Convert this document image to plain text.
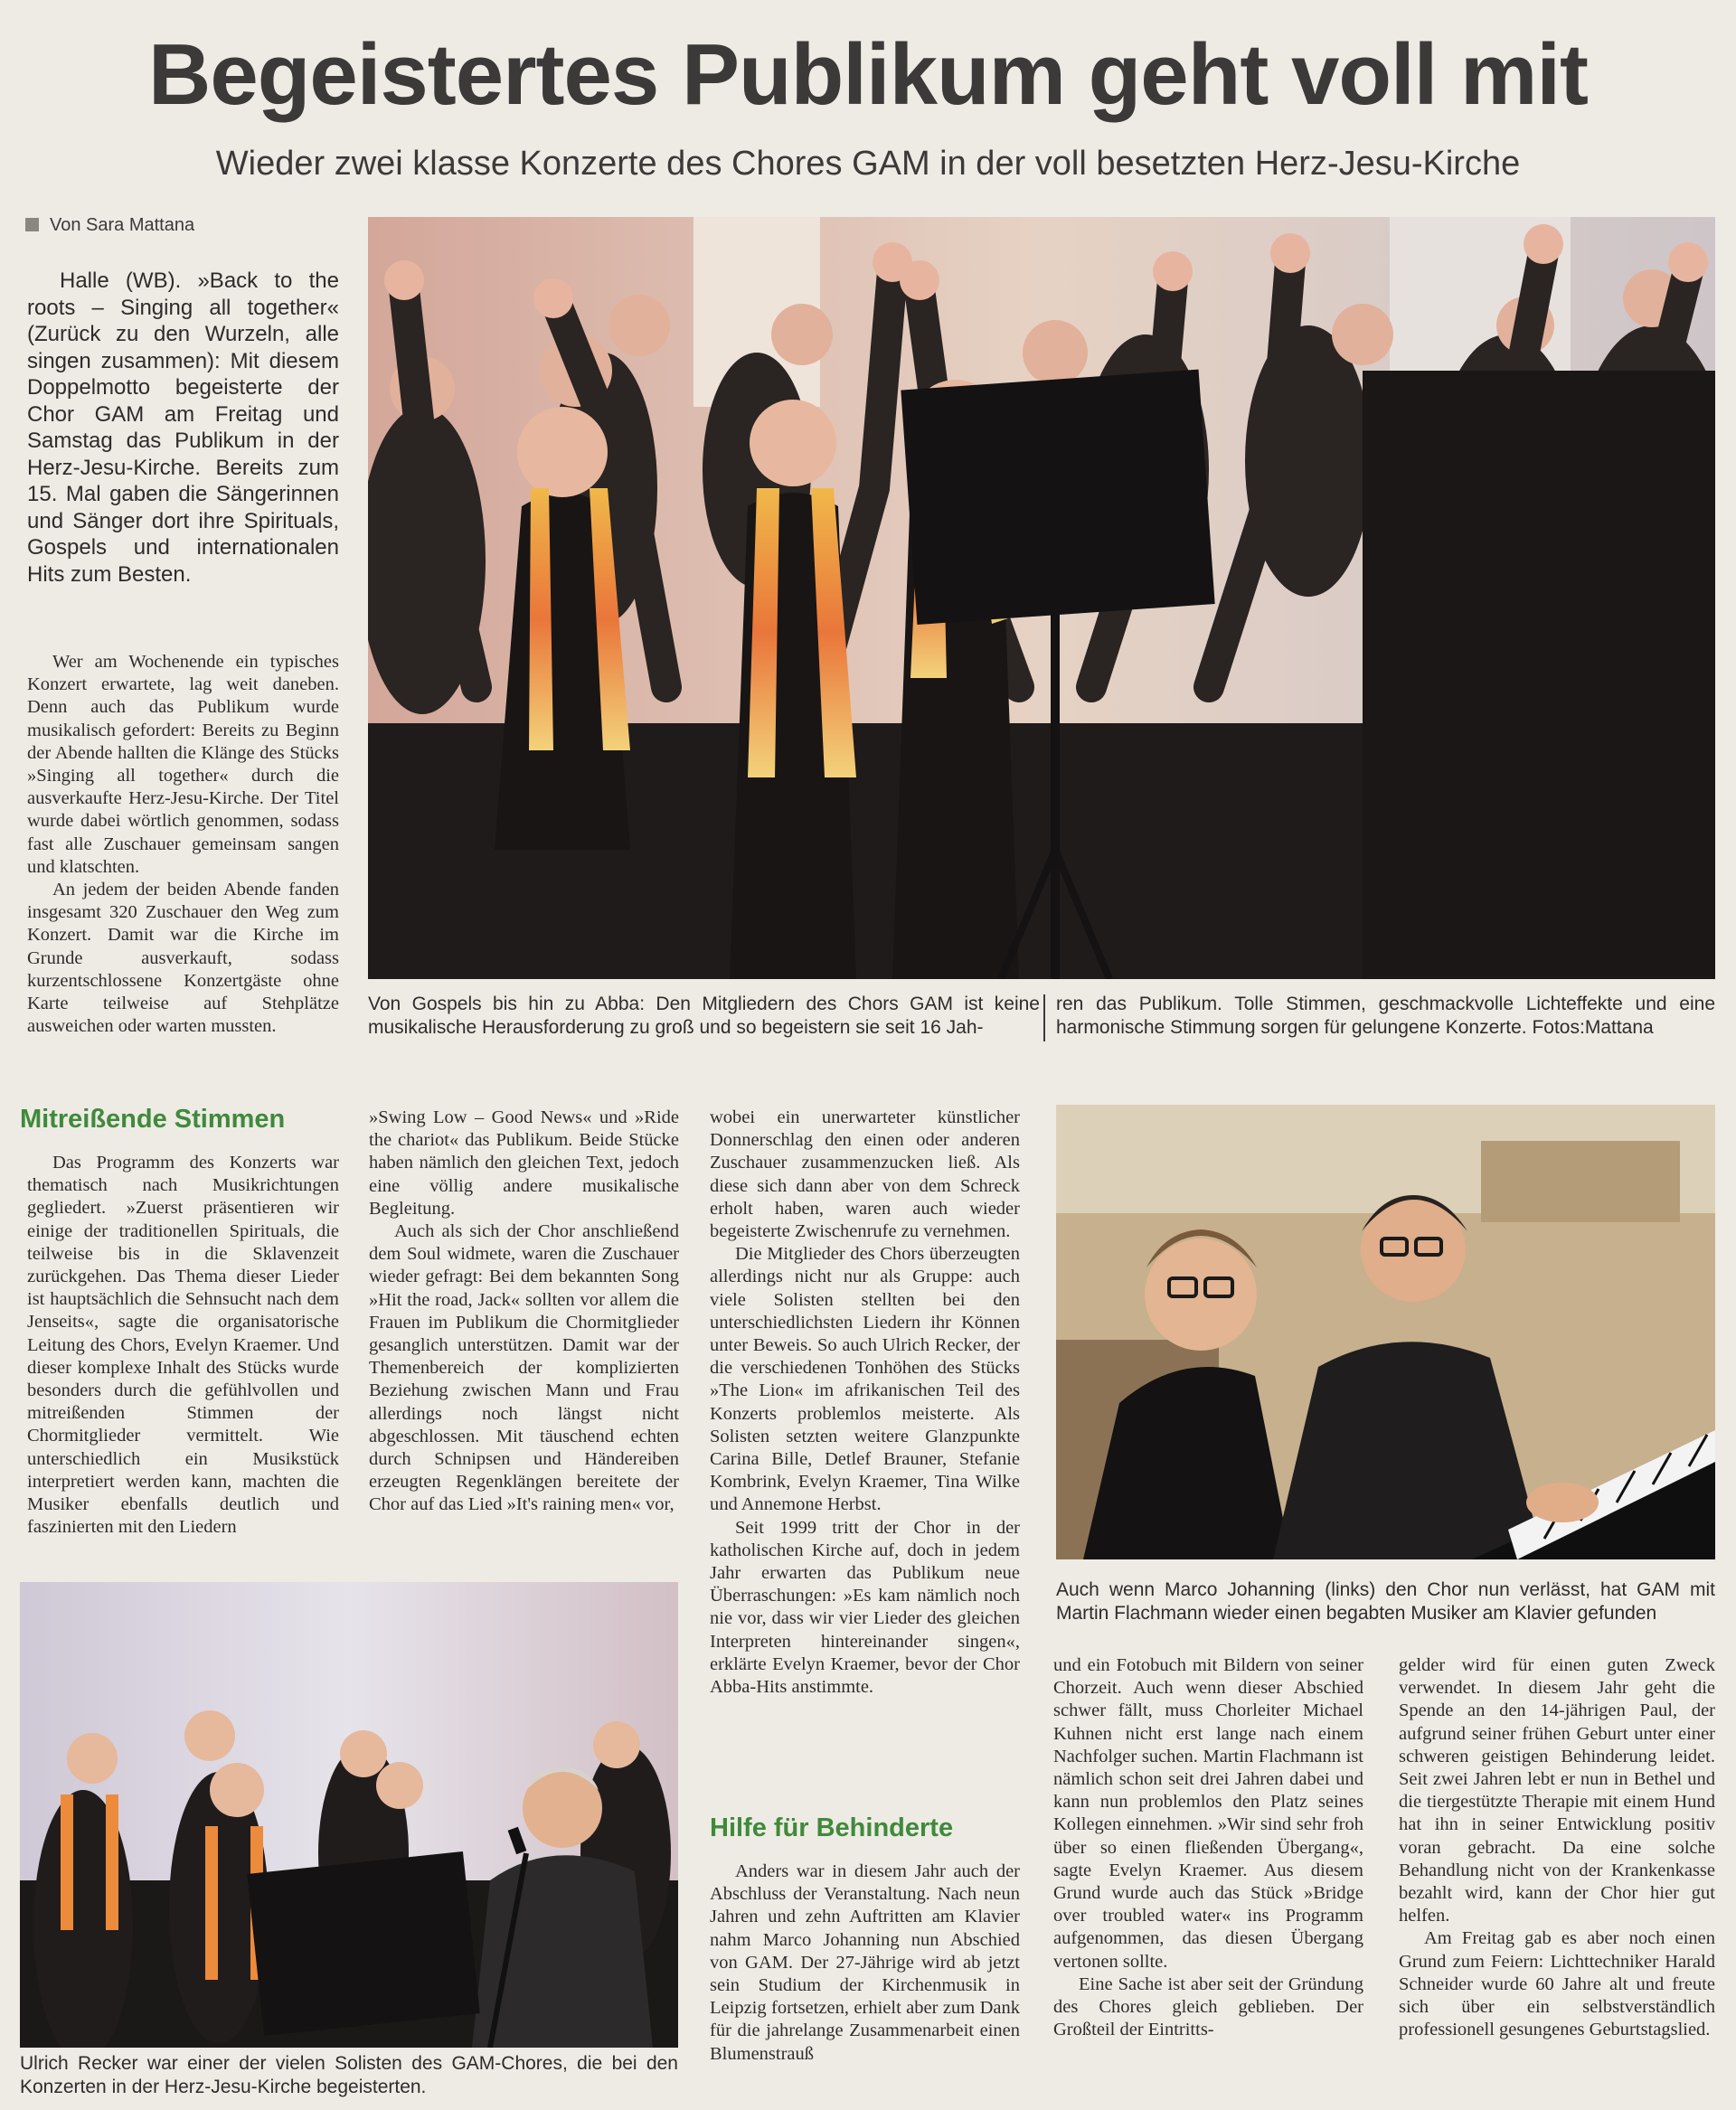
Begeistertes Publikum geht voll mit
Wieder zwei klasse Konzerte des Chores GAM in der voll besetzten Herz-Jesu-Kirche
Von Sara Mattana

Halle (WB). »Back to the roots – Singing all together« (Zurück zu den Wurzeln, alle singen zusammen): Mit diesem Doppelmotto begeisterte der Chor GAM am Freitag und Samstag das Publikum in der Herz-Jesu-Kirche. Bereits zum 15. Mal gaben die Sängerinnen und Sänger dort ihre Spirituals, Gospels und internationalen Hits zum Besten.

Wer am Wochenende ein typisches Konzert erwartete, lag weit daneben. Denn auch das Publikum wurde musikalisch gefordert: Bereits zu Beginn der Abende hallten die Klänge des Stücks »Singing all together« durch die ausverkaufte Herz-Jesu-Kirche. Der Titel wurde dabei wörtlich genommen, sodass fast alle Zuschauer gemeinsam sangen und klatschten.

An jedem der beiden Abende fanden insgesamt 320 Zuschauer den Weg zum Konzert. Damit war die Kirche im Grunde ausverkauft, sodass kurzentschlossene Konzertgäste ohne Karte teilweise auf Stehplätze ausweichen oder warten mussten.

Mitreißende Stimmen

Das Programm des Konzerts war thematisch nach Musikrichtungen gegliedert. »Zuerst präsentieren wir einige der traditionellen Spirituals, die teilweise bis in die Sklavenzeit zurückgehen. Das Thema dieser Lieder ist hauptsächlich die Sehnsucht nach dem Jenseits«, sagte die organisatorische Leitung des Chors, Evelyn Kraemer. Und dieser komplexe Inhalt des Stücks wurde besonders durch die gefühlvollen und mitreißenden Stimmen der Chormitglieder vermittelt. Wie unterschiedlich ein Musikstück interpretiert werden kann, machten die Musiker ebenfalls deutlich und faszinierten mit den Liedern

Von Gospels bis hin zu Abba: Den Mitgliedern des Chors GAM ist keine musikalische Herausforderung zu groß und so begeistern sie seit 16 Jah-
ren das Publikum. Tolle Stimmen, geschmackvolle Lichteffekte und eine harmonische Stimmung sorgen für gelungene Konzerte. Fotos:Mattana

»Swing Low – Good News« und »Ride the chariot« das Publikum. Beide Stücke haben nämlich den gleichen Text, jedoch eine völlig andere musikalische Begleitung.

Auch als sich der Chor anschließend dem Soul widmete, waren die Zuschauer wieder gefragt: Bei dem bekannten Song »Hit the road, Jack« sollten vor allem die Frauen im Publikum die Chormitglieder gesanglich unterstützen. Damit war der Themenbereich der komplizierten Beziehung zwischen Mann und Frau allerdings noch längst nicht abgeschlossen. Mit täuschend echten durch Schnipsen und Händereiben erzeugten Regenklängen bereitete der Chor auf das Lied »It's raining men« vor,

wobei ein unerwarteter künstlicher Donnerschlag den einen oder anderen Zuschauer zusammenzucken ließ. Als diese sich dann aber von dem Schreck erholt haben, waren auch wieder begeisterte Zwischenrufe zu vernehmen.

Die Mitglieder des Chors überzeugten allerdings nicht nur als Gruppe: auch viele Solisten stellten bei den unterschiedlichsten Liedern ihr Können unter Beweis. So auch Ulrich Recker, der die verschiedenen Tonhöhen des Stücks »The Lion« im afrikanischen Teil des Konzerts problemlos meisterte. Als Solisten setzten weitere Glanzpunkte Carina Bille, Detlef Brauner, Stefanie Kombrink, Evelyn Kraemer, Tina Wilke und Annemone Herbst.

Seit 1999 tritt der Chor in der katholischen Kirche auf, doch in jedem Jahr erwarten das Publikum neue Überraschungen: »Es kam nämlich noch nie vor, dass wir vier Lieder des gleichen Interpreten hintereinander singen«, erklärte Evelyn Kraemer, bevor der Chor Abba-Hits anstimmte.

Hilfe für Behinderte

Anders war in diesem Jahr auch der Abschluss der Veranstaltung. Nach neun Jahren und zehn Auftritten am Klavier nahm Marco Johanning nun Abschied von GAM. Der 27-Jährige wird ab jetzt sein Studium der Kirchenmusik in Leipzig fortsetzen, erhielt aber zum Dank für die jahrelange Zusammenarbeit einen Blumenstrauß

Auch wenn Marco Johanning (links) den Chor nun verlässt, hat GAM mit Martin Flachmann wieder einen begabten Musiker am Klavier gefunden

und ein Fotobuch mit Bildern von seiner Chorzeit. Auch wenn dieser Abschied schwer fällt, muss Chorleiter Michael Kuhnen nicht erst lange nach einem Nachfolger suchen. Martin Flachmann ist nämlich schon seit drei Jahren dabei und kann nun problemlos den Platz seines Kollegen einnehmen. »Wir sind sehr froh über so einen fließenden Übergang«, sagte Evelyn Kraemer. Aus diesem Grund wurde auch das Stück »Bridge over troubled water« ins Programm aufgenommen, das diesen Übergang vertonen sollte.

Eine Sache ist aber seit der Gründung des Chores gleich geblieben. Der Großteil der Eintritts-

gelder wird für einen guten Zweck verwendet. In diesem Jahr geht die Spende an den 14-jährigen Paul, der aufgrund seiner frühen Geburt unter einer schweren geistigen Behinderung leidet. Seit zwei Jahren lebt er nun in Bethel und die tiergestützte Therapie mit einem Hund hat ihn in seiner Entwicklung positiv voran gebracht. Da eine solche Behandlung nicht von der Krankenkasse bezahlt wird, kann der Chor hier gut helfen.

Am Freitag gab es aber noch einen Grund zum Feiern: Lichttechniker Harald Schneider wurde 60 Jahre alt und freute sich über ein selbstverständlich professionell gesungenes Geburtstagslied.

Ulrich Recker war einer der vielen Solisten des GAM-Chores, die bei den Konzerten in der Herz-Jesu-Kirche begeisterten.
